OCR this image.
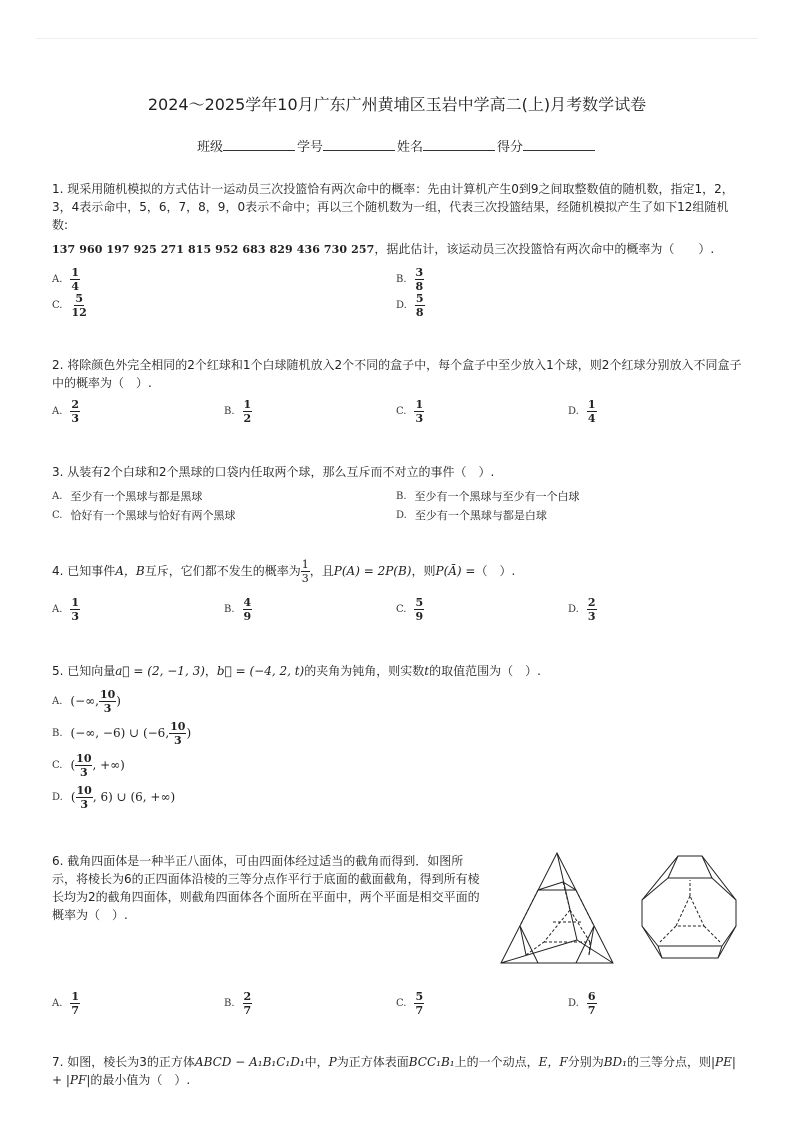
2024～2025学年10月广东广州黄埔区玉岩中学高二(上)月考数学试卷
班级	学号	姓名	得分

1. 现采用随机模拟的方式估计一运动员三次投篮恰有两次命中的概率：先由计算机产生0到9之间取整数值的随机数，指定1，2，3，4表示命中，5，6，7，8，9，0表示不命中；再以三个随机数为一组，代表三次投篮结果，经随机模拟产生了如下12组随机数:

137 960 197 925 271 815 952 683 829 436 730 257，据此估计，该运动员三次投篮恰有两次命中的概率为（　　）.

A. $\frac{1}{4}$	B. $\frac{3}{8}$
C. $\frac{5}{12}$	D. $\frac{5}{8}$

2. 将除颜色外完全相同的2个红球和1个白球随机放入2个不同的盒子中，每个盒子中至少放入1个球，则2个红球分别放入不同盒子中的概率为（　）.

A. $\frac{2}{3}$	B. $\frac{1}{2}$	C. $\frac{1}{3}$	D. $\frac{1}{4}$

3. 从装有2个白球和2个黑球的口袋内任取两个球，那么互斥而不对立的事件（　）.

A. 至少有一个黑球与都是黑球	B. 至少有一个黑球与至少有一个白球
C. 恰好有一个黑球与恰好有两个黑球	D. 至少有一个黑球与都是白球

4. 已知事件A，B互斥，它们都不发生的概率为 $\frac{1}{3}$ ，且P(A) = 2P(B)，则P(Ā) =（　）.

A. $\frac{1}{3}$	B. $\frac{4}{9}$	C. $\frac{5}{9}$	D. $\frac{2}{3}$

5. 已知向量a⃗ = (2, −1, 3)，b⃗ = (−4, 2, t)的夹角为钝角，则实数t的取值范围为（　）.

A. (−∞, $\frac{10}{3}$ )
B. (−∞, −6) ∪ (−6, $\frac{10}{3}$ )
C. ( $\frac{10}{3}$ , +∞)
D. ( $\frac{10}{3}$ , 6) ∪ (6, +∞)

6. 截角四面体是一种半正八面体，可由四面体经过适当的截角而得到．如图所示，将棱长为6的正四面体沿棱的三等分点作平行于底面的截面截角，得到所有棱长均为2的截角四面体，则截角四面体各个面所在平面中，两个平面是相交平面的概率为（　）.

A. $\frac{1}{7}$	B. $\frac{2}{7}$	C. $\frac{5}{7}$	D. $\frac{6}{7}$

7. 如图，棱长为3的正方体ABCD − A₁B₁C₁D₁中，P为正方体表面BCC₁B₁上的一个动点，E，F分别为BD₁的三等分点，则|PE| + |PF|的最小值为（　）.
